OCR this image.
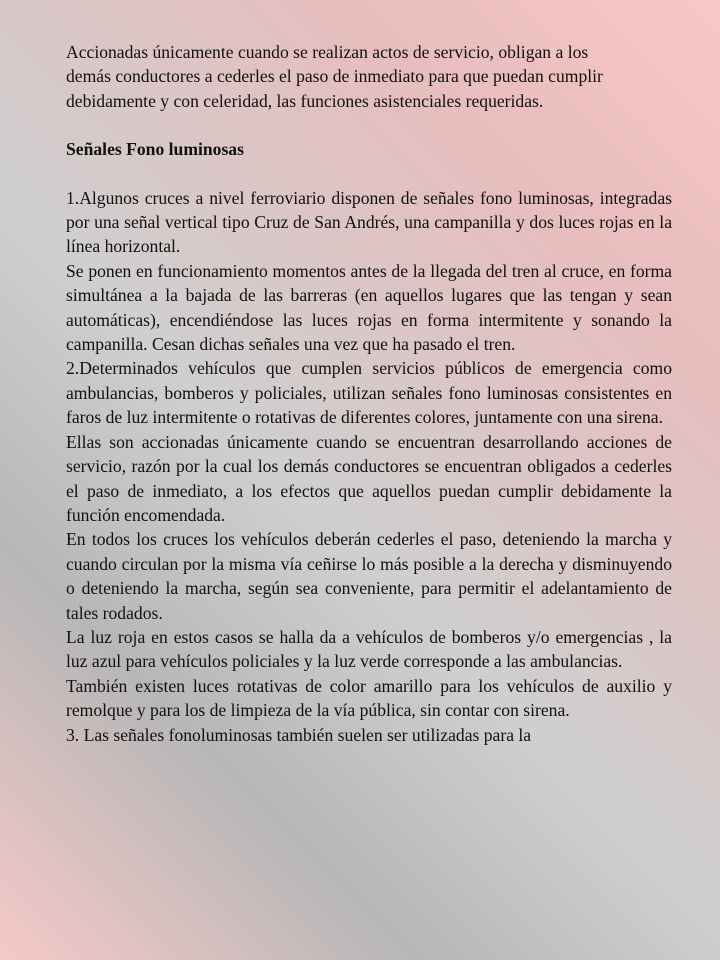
Accionadas únicamente cuando se realizan actos de servicio, obligan a los demás conductores a cederles el paso de inmediato para que puedan cumplir debidamente y con celeridad, las funciones asistenciales requeridas.

Señales Fono luminosas

1.Algunos cruces a nivel ferroviario disponen de señales fono luminosas, integradas por una señal vertical tipo Cruz de San Andrés, una campanilla y dos luces rojas en la línea horizontal.

Se ponen en funcionamiento momentos antes de la llegada del tren al cruce, en forma simultánea a la bajada de las barreras (en aquellos lugares que las tengan y sean automáticas), encendiéndose las luces rojas en forma intermitente y sonando la campanilla. Cesan dichas señales una vez que ha pasado el tren.

2.Determinados vehículos que cumplen servicios públicos de emergencia como ambulancias, bomberos y policiales, utilizan señales fono luminosas consistentes en faros de luz intermitente o rotativas de diferentes colores, juntamente con una sirena.

Ellas son accionadas únicamente cuando se encuentran desarrollando acciones de servicio, razón por la cual los demás conductores se encuentran obligados a cederles el paso de inmediato, a los efectos que aquellos puedan cumplir debidamente la función encomendada.

En todos los cruces los vehículos deberán cederles el paso, deteniendo la marcha y cuando circulan por la misma vía ceñirse lo más posible a la derecha y disminuyendo o deteniendo la marcha, según sea conveniente, para permitir el adelantamiento de tales rodados.

La luz roja en estos casos se halla da a vehículos de bomberos y/o emergencias , la luz azul para vehículos policiales y la luz verde corresponde a las ambulancias.

También existen luces rotativas de color amarillo para los vehículos de auxilio y remolque y para los de limpieza de la vía pública, sin contar con sirena.

3. Las señales fonoluminosas también suelen ser utilizadas para la
